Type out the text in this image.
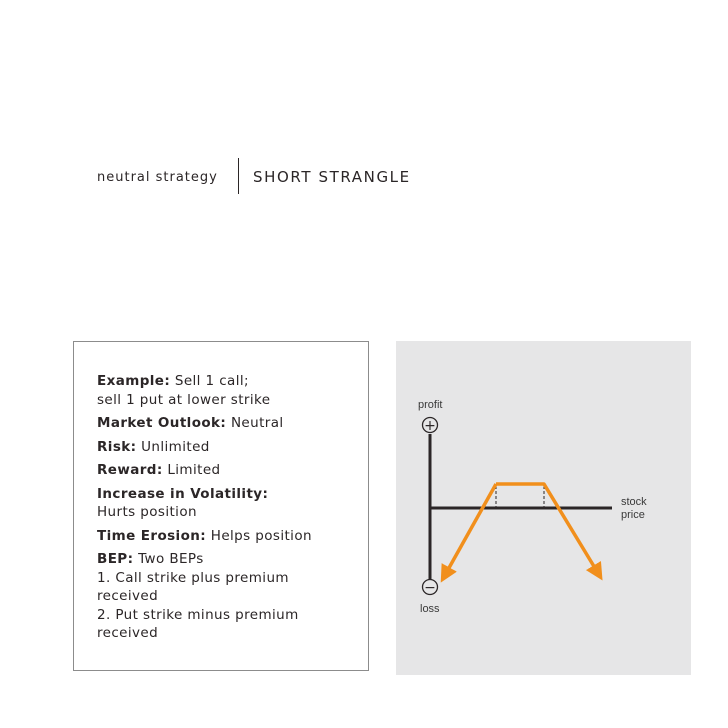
neutral strategy SHORT STRANGLE
Example: Sell 1 call;
sell 1 put at lower strike
Market Outlook: Neutral
Risk: Unlimited
Reward: Limited
Increase in Volatility:
Hurts position
Time Erosion: Helps position
BEP: Two BEPs
1. Call strike plus premium
received
2. Put strike minus premium
received
+
−
profit
loss
stock
price
